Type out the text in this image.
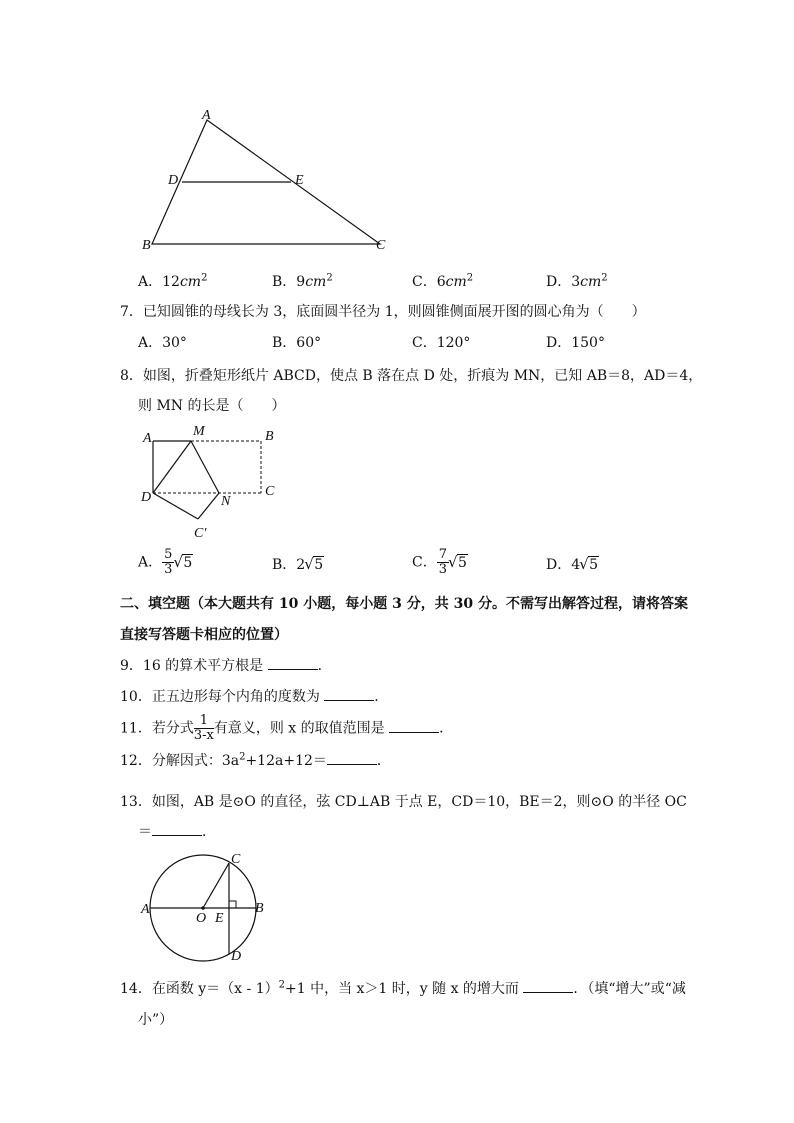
A
D	E
B	C
A．$12cm^2$	B．$9cm^2$	C．$6cm^2$	D．$3cm^2$
7．已知圆锥的母线长为 3，底面圆半径为 1，则圆锥侧面展开图的圆心角为（　　）
A．30°	B．60°	C．120°	D．150°
8．如图，折叠矩形纸片 ABCD，使点 B 落在点 D 处，折痕为 MN，已知 AB＝8，AD＝4，
则 MN 的长是（　　）
A	M	B
C
D	N
C′
A． $\frac{5}{3}$ √ 5	B．2 √ 5	C． $\frac{7}{3}$ √ 5	D．4 √ 5
二、填空题（本大题共有 10 小题，每小题 3 分，共 30 分。不需写出解答过程，请将答案
直接写答题卡相应的位置）
9．16 的算术平方根是	．
10．正五边形每个内角的度数为	．
11．若分式 $\frac{1}{3-x}$ 有意义，则 x 的取值范围是	．
12．分解因式：$3a^2+12a+12=$	．
13．如图，AB 是⊙O 的直径，弦 CD⊥AB 于点 E，CD＝10，BE＝2，则⊙O 的半径 OC
＝	．
A	B
C
D
O E
14．在函数 y＝（x - 1）$^2$+1 中，当 x＞1 时，y 随 x 的增大而	．（填“增大”或“减
小”）
